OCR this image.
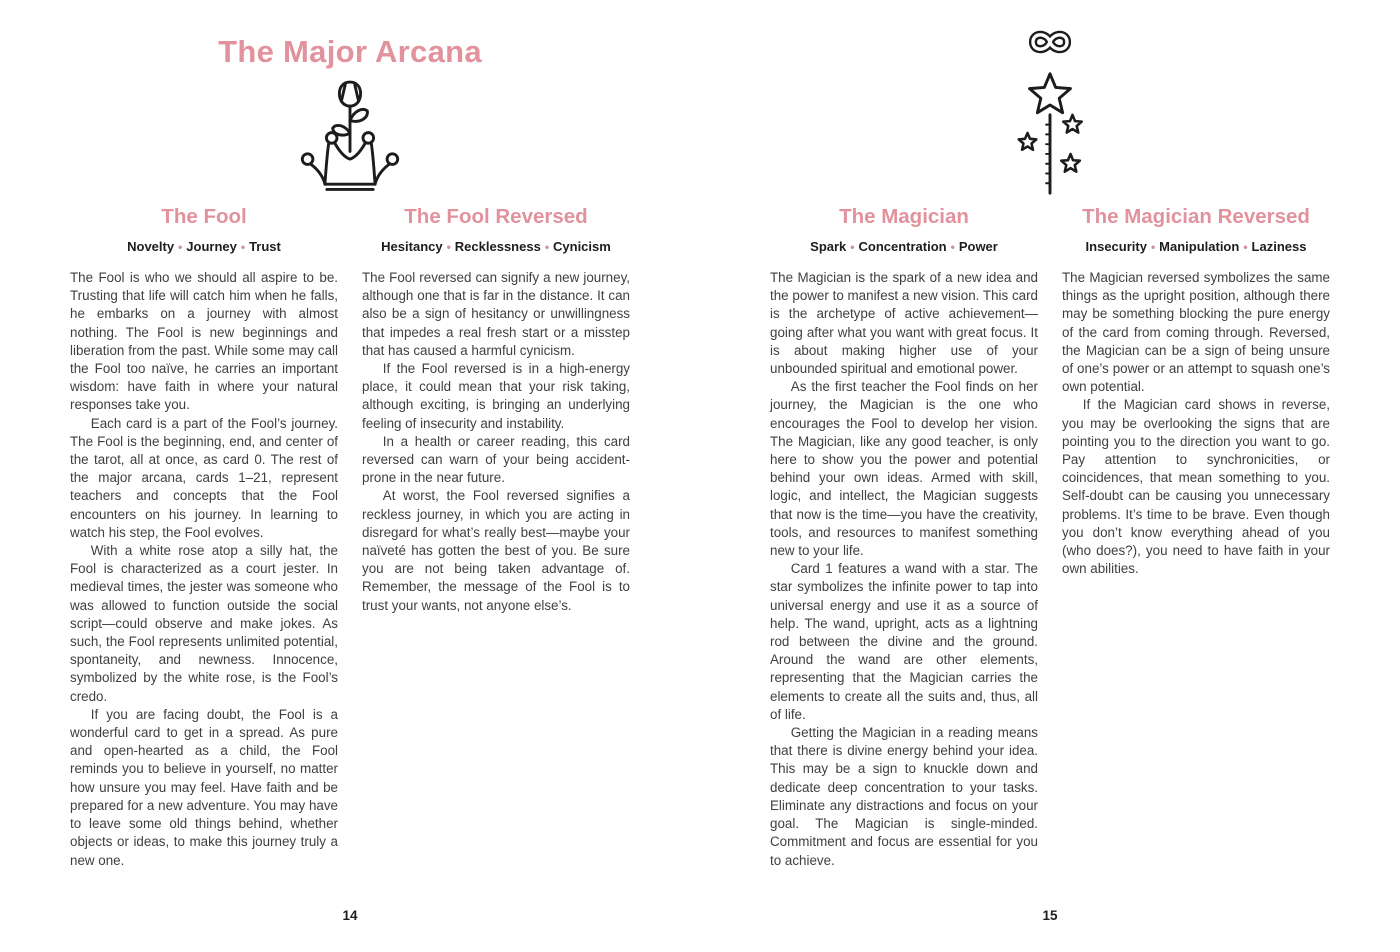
The Major Arcana
The Fool

Novelty • Journey • Trust

The Fool is who we should all aspire to be. Trusting that life will catch him when he falls, he embarks on a journey with almost nothing. The Fool is new beginnings and liberation from the past. While some may call the Fool too naïve, he carries an important wisdom: have faith in where your natural responses take you.

Each card is a part of the Fool’s journey. The Fool is the beginning, end, and center of the tarot, all at once, as card 0. The rest of the major arcana, cards 1–21, represent teachers and concepts that the Fool encounters on his journey. In learning to watch his step, the Fool evolves.

With a white rose atop a silly hat, the Fool is characterized as a court jester. In medieval times, the jester was someone who was allowed to function outside the social script—could observe and make jokes. As such, the Fool represents unlimited potential, spontaneity, and newness. Innocence, symbolized by the white rose, is the Fool’s credo.

If you are facing doubt, the Fool is a wonderful card to get in a spread. As pure and open-hearted as a child, the Fool reminds you to believe in yourself, no matter how unsure you may feel. Have faith and be prepared for a new adventure. You may have to leave some old things behind, whether objects or ideas, to make this journey truly a new one.

The Fool Reversed

Hesitancy • Recklessness • Cynicism

The Fool reversed can signify a new journey, although one that is far in the distance. It can also be a sign of hesitancy or unwillingness that impedes a real fresh start or a misstep that has caused a harmful cynicism.

If the Fool reversed is in a high-energy place, it could mean that your risk taking, although exciting, is bringing an underlying feeling of insecurity and instability.

In a health or career reading, this card reversed can warn of your being accident-prone in the near future.

At worst, the Fool reversed signifies a reckless journey, in which you are acting in disregard for what’s really best—maybe your naïveté has gotten the best of you. Be sure you are not being taken advantage of. Remember, the message of the Fool is to trust your wants, not anyone else’s.

14
The Magician

Spark • Concentration • Power

The Magician is the spark of a new idea and the power to manifest a new vision. This card is the archetype of active achievement—going after what you want with great focus. It is about making higher use of your unbounded spiritual and emotional power.

As the first teacher the Fool finds on her journey, the Magician is the one who encourages the Fool to develop her vision. The Magician, like any good teacher, is only here to show you the power and potential behind your own ideas. Armed with skill, logic, and intellect, the Magician suggests that now is the time—you have the creativity, tools, and resources to manifest something new to your life.

Card 1 features a wand with a star. The star symbolizes the infinite power to tap into universal energy and use it as a source of help. The wand, upright, acts as a lightning rod between the divine and the ground. Around the wand are other elements, representing that the Magician carries the elements to create all the suits and, thus, all of life.

Getting the Magician in a reading means that there is divine energy behind your idea. This may be a sign to knuckle down and dedicate deep concentration to your tasks. Eliminate any distractions and focus on your goal. The Magician is single-minded. Commitment and focus are essential for you to achieve.

The Magician Reversed

Insecurity • Manipulation • Laziness

The Magician reversed symbolizes the same things as the upright position, although there may be something blocking the pure energy of the card from coming through. Reversed, the Magician can be a sign of being unsure of one’s power or an attempt to squash one’s own potential.

If the Magician card shows in reverse, you may be overlooking the signs that are pointing you to the direction you want to go. Pay attention to synchronicities, or coincidences, that mean something to you. Self-doubt can be causing you unnecessary problems. It’s time to be brave. Even though you don’t know everything ahead of you (who does?), you need to have faith in your own abilities.

15
